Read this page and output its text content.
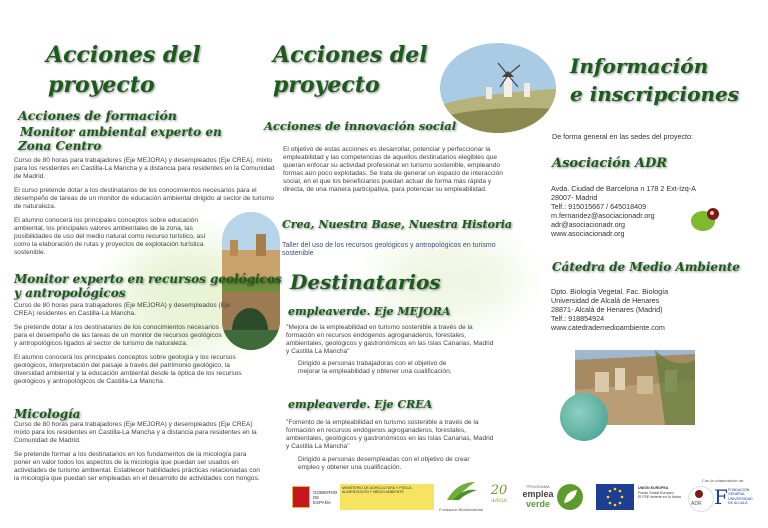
Acciones del
proyecto
Acciones de formación
Monitor ambiental experto en
Zona Centro
Curso de 80 horas para trabajadores (Eje MEJORA) y desempleados (Eje CREA), mixto para los residentes en Castilla-La Mancha y a distancia para residentes en la Comunidad de Madrid.
El curso pretende dotar a los destinatarios de los conocimientos necesarios para el desempeño de tareas de un monitor de educación ambiental dirigido al sector de turismo de naturaleza.
El alumno conocerá los principales conceptos sobre educación ambiental, los principales valores ambientales de la zona, las posibilidades de uso del medio natural como recurso turístico, así como la elaboración de rutas y proyectos de explotación turística sostenible.
Monitor experto en recursos geológicos
y antropológicos
Curso de 80 horas para trabajadores (Eje MEJORA) y desempleados (Eje CREA) residentes en Castilla-La Mancha.
Se pretende dotar a los destinatarios de los conocimientos necesarios para el desempeño de las tareas de un monitor de recursos geológicos y antropológicos ligados al sector de turismo de naturaleza.
El alumno conocerá los principales conceptos sobre geología y los recursos geológicos, interpretación del paisaje a través del patrimonio geológico, la diversidad ambiental y la educación ambiental desde la óptica de los recursos geológicos y antropológicos de Castilla-La Mancha.
Micología
Curso de 80 horas para trabajadores (Eje MEJORA) y desempleados (Eje CREA) mixto para los residentes en Castilla-La Mancha y a distancia para residentes en la Comunidad de Madrid.
Se pretende formar a los destinatarios en los fundamentos de la micología para poner en valor todos los aspectos de la micología que puedan ser usados en actividades de turismo ambiental. Establecer habilidades prácticas relacionadas con la micología que puedan ser empleadas en el desarrollo de actividades con hongos.
Acciones del
proyecto
Acciones de innovación social
El objetivo de estas acciones es desarrollar, potenciar y perfeccionar la empleabilidad y las competencias de aquellos destinatarios elegibles que quieran enfocar su actividad profesional en turismo sostenible, empleando formas aún poco explotadas. Se trata de generar un espacio de interacción social, en el que los beneficiarios puedan actuar de forma más rápida y directa, de una manera participativa, para potenciar su empleabilidad.
Crea, Nuestra Base, Nuestra Historia
Taller del uso de los recursos geológicos y antropológicos en turismo sostenible
Destinatarios
empleaverde. Eje MEJORA
"Mejora de la empleabilidad en turismo sostenible a través de la formación en recursos endógenos agroganaderos, forestales, ambientales, geológicos y gastronómicos en las Islas Canarias, Madrid y Castilla La Mancha"
Dirigido a personas trabajadoras con el objetivo de mejorar la empleabilidad y obtener una cualificación.
empleaverde. Eje CREA
"Fomento de la empleabilidad en turismo sostenible a través de la formación en recursos endógenos agroganaderos, forestales, ambientales, geológicos y gastronómicos en las Islas Canarias, Madrid y Castilla La Mancha"
Dirigido a personas desempleadas con el objetivo de crear empleo y obtener una cualificación.
Información
e inscripciones
De forma general en las sedes del proyecto:
Asociación ADR
Avda. Ciudad de Barcelona n 178 2 Ext-Izq-A
28007- Madrid
Telf.: 915015667 / 645018409
m.fernandez@asociacionadr.org
adr@asociacionadr.org
www.asociacionadr.org
Cátedra de Medio Ambiente
Dpto. Biología Vegetal. Fac. Biología
Universidad de Alcalá de Henares
28871- Alcalá de Henares (Madrid)
Telf.: 918854924
www.catedrademedioambiente.com
GOBIERNO
DE ESPAÑA
MINISTERIO DE AGRICULTURA Y PESCA, ALIMENTACIÓN Y MEDIO AMBIENTE
Fundación Biodiversidad
20
AÑOS
PROGRAMA
emplea
verde
UNIÓN EUROPEA
Fondo Social Europeo
El FSE invierte en tu futuro
Con la colaboración de:
ADR F FUNDACIÓN
GENERAL
UNIVERSIDAD
DE ALCALÁ
